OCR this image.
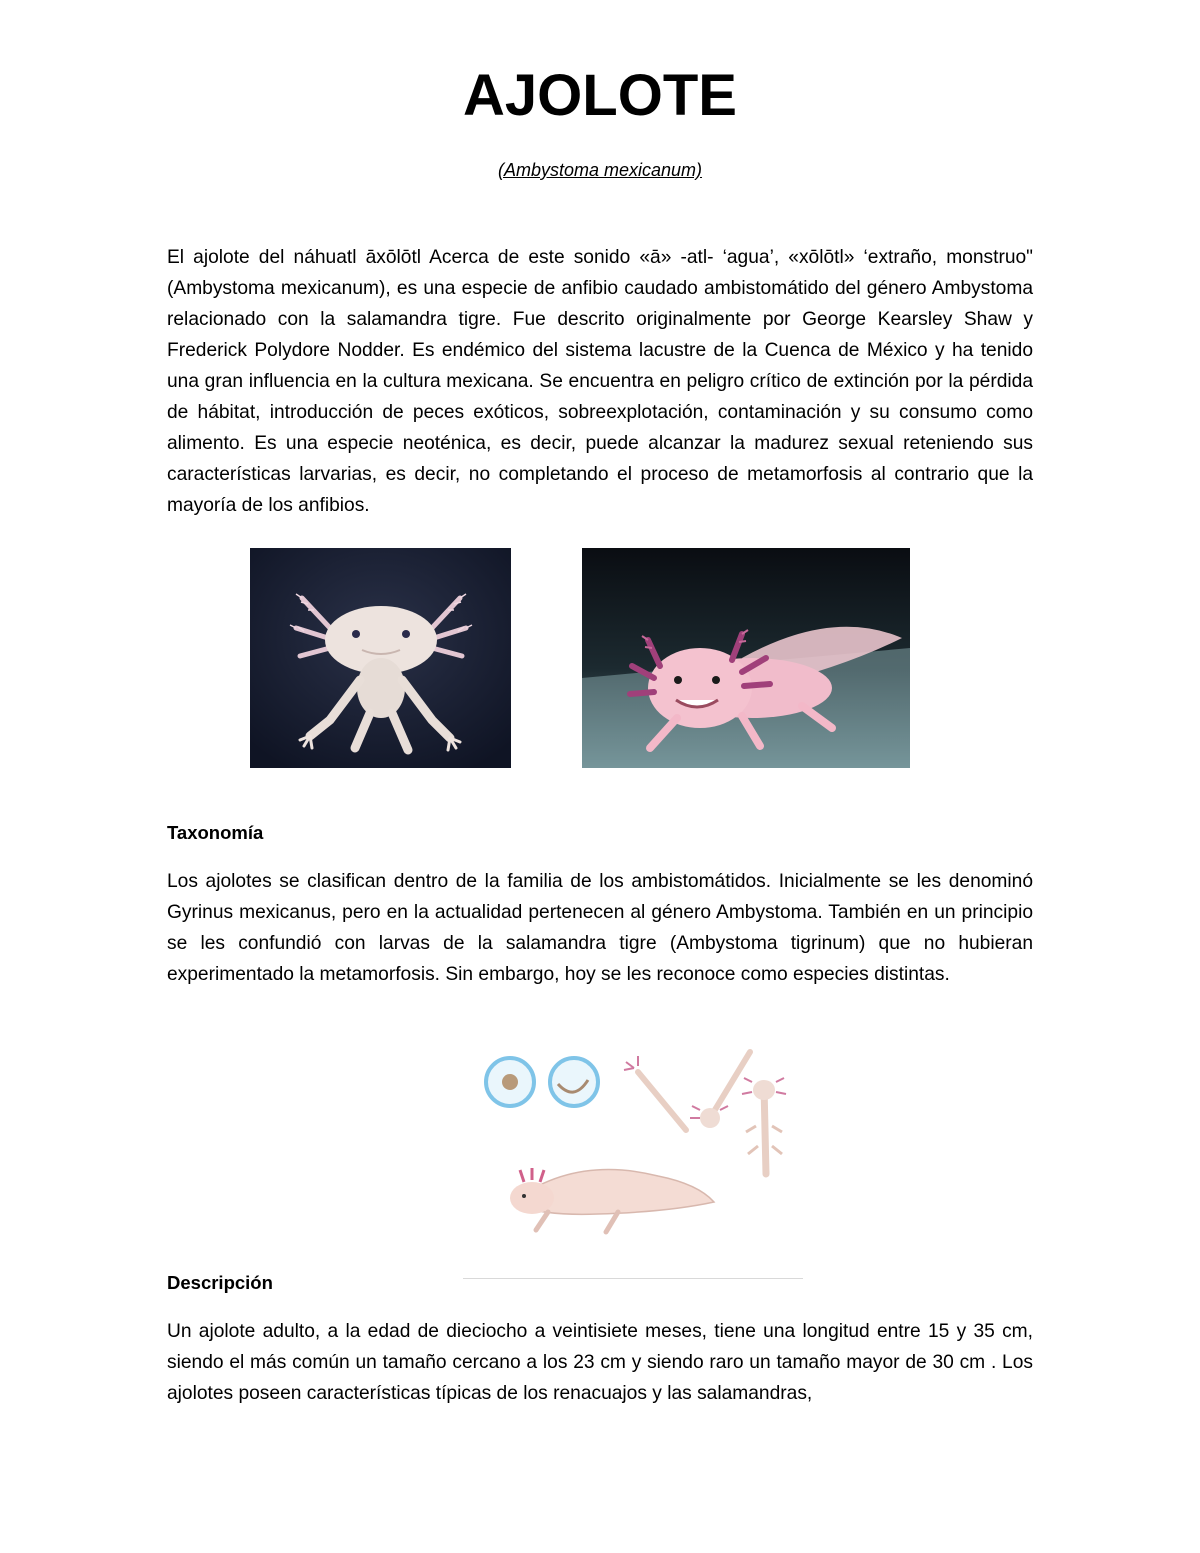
AJOLOTE
(Ambystoma mexicanum)

El ajolote del náhuatl āxōlōtl Acerca de este sonido «ā» -atl- ‘agua’, «xōlōtl» ‘extraño, monstruo"(Ambystoma mexicanum), es una especie de anfibio caudado ambistomátido del género Ambystoma relacionado con la salamandra tigre. Fue descrito originalmente por George Kearsley Shaw y Frederick Polydore Nodder. Es endémico del sistema lacustre de la Cuenca de México y ha tenido una gran influencia en la cultura mexicana. Se encuentra en peligro crítico de extinción por la pérdida de hábitat, introducción de peces exóticos, sobreexplotación, contaminación y su consumo como alimento. Es una especie neoténica, es decir, puede alcanzar la madurez sexual reteniendo sus características larvarias, es decir, no completando el proceso de metamorfosis al contrario que la mayoría de los anfibios.

Taxonomía

Los ajolotes se clasifican dentro de la familia de los ambistomátidos. Inicialmente se les denominó Gyrinus mexicanus, pero en la actualidad pertenecen al género Ambystoma. También en un principio se les confundió con larvas de la salamandra tigre (Ambystoma tigrinum) que no hubieran experimentado la metamorfosis. Sin embargo, hoy se les reconoce como especies distintas.

Descripción

Un ajolote adulto, a la edad de dieciocho a veintisiete meses, tiene una longitud entre 15 y 35 cm, siendo el más común un tamaño cercano a los 23 cm y siendo raro un tamaño mayor de 30 cm . Los ajolotes poseen características típicas de los renacuajos y las salamandras,
